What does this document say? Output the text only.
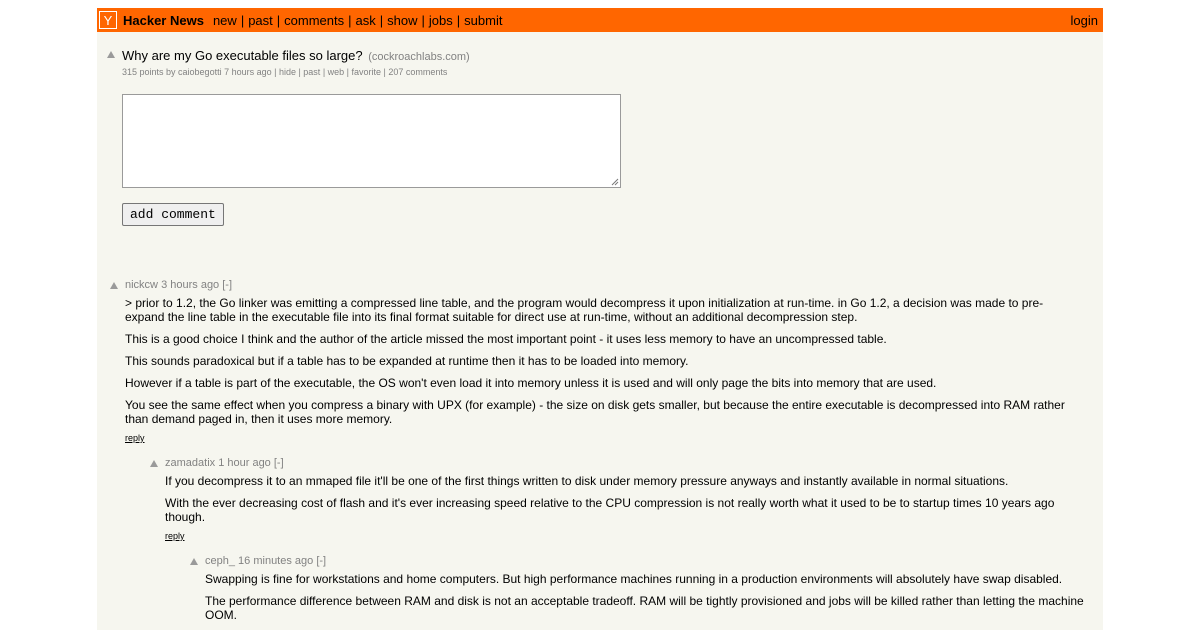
Y Hacker News new | past | comments | ask | show | jobs | submit	login
Why are my Go executable files so large? (cockroachlabs.com)
315 points by caiobegotti 7 hours ago | hide | past | web | favorite | 207 comments
add comment
nickcw 3 hours ago [-]

> prior to 1.2, the Go linker was emitting a compressed line table, and the program would decompress it upon initialization at run-time. in Go 1.2, a decision was made to pre-expand the line table in the executable file into its final format suitable for direct use at run-time, without an additional decompression step.

This is a good choice I think and the author of the article missed the most important point - it uses less memory to have an uncompressed table.

This sounds paradoxical but if a table has to be expanded at runtime then it has to be loaded into memory.

However if a table is part of the executable, the OS won't even load it into memory unless it is used and will only page the bits into memory that are used.

You see the same effect when you compress a binary with UPX (for example) - the size on disk gets smaller, but because the entire executable is decompressed into RAM rather than demand paged in, then it uses more memory.

reply
zamadatix 1 hour ago [-]

If you decompress it to an mmaped file it'll be one of the first things written to disk under memory pressure anyways and instantly available in normal situations.

With the ever decreasing cost of flash and it's ever increasing speed relative to the CPU compression is not really worth what it used to be to startup times 10 years ago though.

reply
ceph_ 16 minutes ago [-]

Swapping is fine for workstations and home computers. But high performance machines running in a production environments will absolutely have swap disabled.

The performance difference between RAM and disk is not an acceptable tradeoff. RAM will be tightly provisioned and jobs will be killed rather than letting the machine OOM.
